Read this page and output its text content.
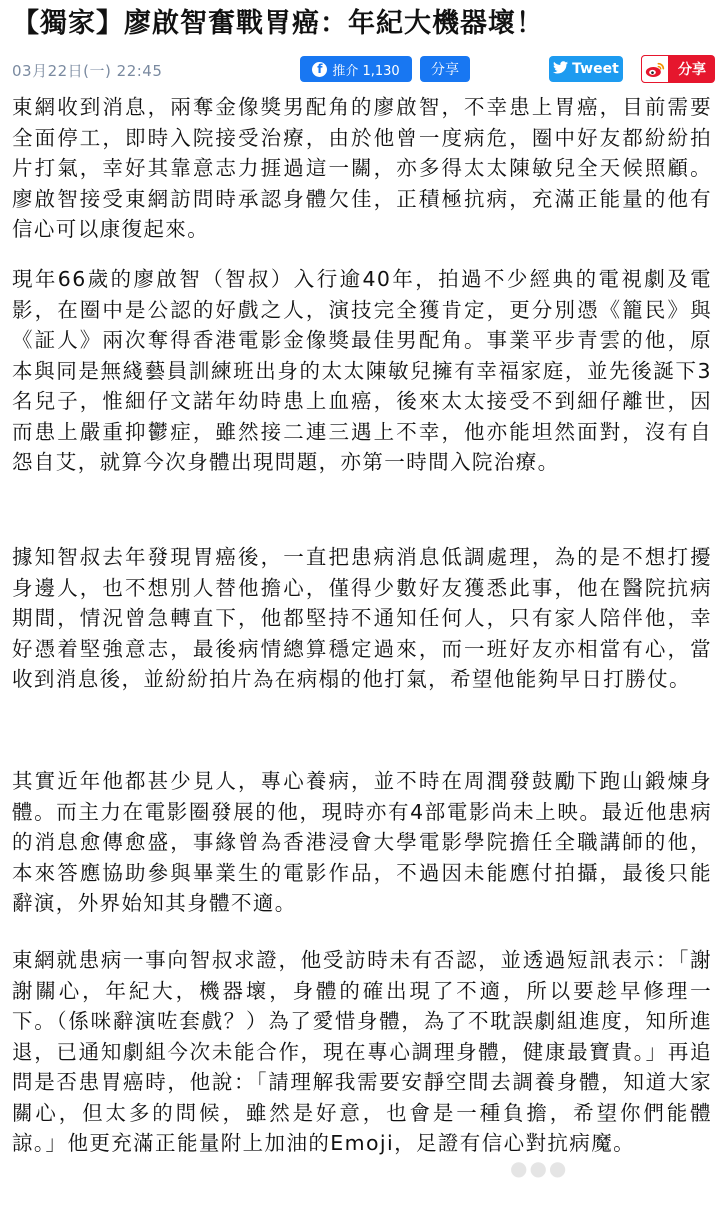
【獨家】廖啟智奮戰胃癌：年紀大機器壞！
03月22日(一) 22:45	f 推介 1,130 分享	Tweet	分享

東網收到消息，兩奪金像獎男配角的廖啟智，不幸患上胃癌，目前需要全面停工，即時入院接受治療，由於他曾一度病危，圈中好友都紛紛拍片打氣，幸好其靠意志力捱過這一關，亦多得太太陳敏兒全天候照顧。廖啟智接受東網訪問時承認身體欠佳，正積極抗病，充滿正能量的他有信心可以康復起來。

現年66歲的廖啟智（智叔）入行逾40年，拍過不少經典的電視劇及電影，在圈中是公認的好戲之人，演技完全獲肯定，更分別憑《籠民》與《証人》兩次奪得香港電影金像獎最佳男配角。事業平步青雲的他，原本與同是無綫藝員訓練班出身的太太陳敏兒擁有幸福家庭，並先後誕下3名兒子，惟細仔文諾年幼時患上血癌，後來太太接受不到細仔離世，因而患上嚴重抑鬱症，雖然接二連三遇上不幸，他亦能坦然面對，沒有自怨自艾，就算今次身體出現問題，亦第一時間入院治療。

據知智叔去年發現胃癌後，一直把患病消息低調處理，為的是不想打擾身邊人，也不想別人替他擔心，僅得少數好友獲悉此事，他在醫院抗病期間，情況曾急轉直下，他都堅持不通知任何人，只有家人陪伴他，幸好憑着堅強意志，最後病情總算穩定過來，而一班好友亦相當有心，當收到消息後，並紛紛拍片為在病榻的他打氣，希望他能夠早日打勝仗。

其實近年他都甚少見人，專心養病，並不時在周潤發鼓勵下跑山鍛煉身體。而主力在電影圈發展的他，現時亦有4部電影尚未上映。最近他患病的消息愈傳愈盛，事緣曾為香港浸會大學電影學院擔任全職講師的他，本來答應協助參與畢業生的電影作品，不過因未能應付拍攝，最後只能辭演，外界始知其身體不適。

東網就患病一事向智叔求證，他受訪時未有否認，並透過短訊表示：「謝謝關心，年紀大，機器壞，身體的確出現了不適，所以要趁早修理一下。（係咪辭演咗套戲？）為了愛惜身體，為了不耽誤劇組進度，知所進退，已通知劇組今次未能合作，現在專心調理身體，健康最寶貴。」再追問是否患胃癌時，他說：「請理解我需要安靜空間去調養身體，知道大家關心，但太多的問候，雖然是好意，也會是一種負擔，希望你們能體諒。」他更充滿正能量附上加油的Emoji，足證有信心對抗病魔。

●●●
